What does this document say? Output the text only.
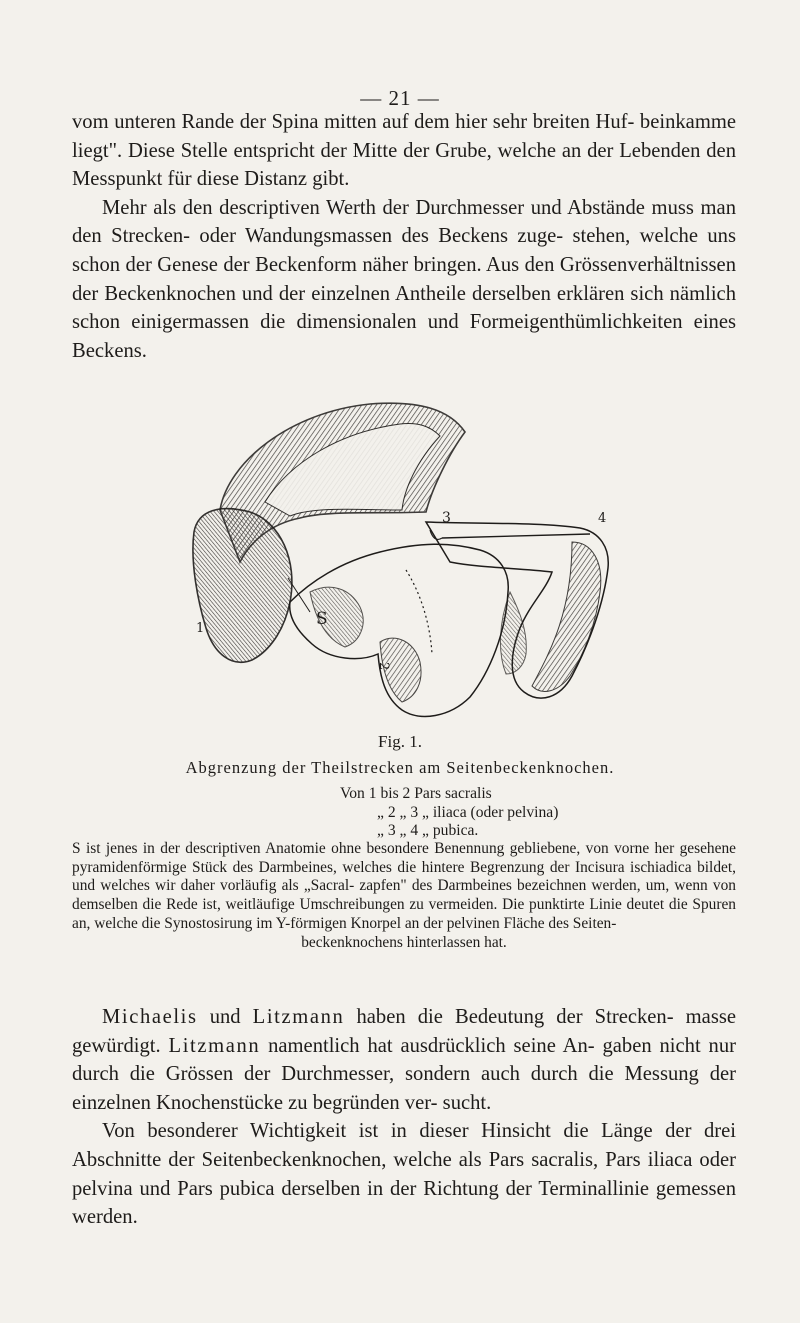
— 21 —

vom unteren Rande der Spina mitten auf dem hier sehr breiten Huf- beinkamme liegt". Diese Stelle entspricht der Mitte der Grube, welche an der Lebenden den Messpunkt für diese Distanz gibt.

Mehr als den descriptiven Werth der Durchmesser und Abstände muss man den Strecken- oder Wandungsmassen des Beckens zuge- stehen, welche uns schon der Genese der Beckenform näher bringen. Aus den Grössenverhältnissen der Beckenknochen und der einzelnen Antheile derselben erklären sich nämlich schon einigermassen die dimensionalen und Formeigenthümlichkeiten eines Beckens.

1
2
3	4
S
Fig. 1.
Abgrenzung der Theilstrecken am Seitenbeckenknochen.
Von 1 bis 2 Pars sacralis
„ 2 „ 3 „ iliaca (oder pelvina)
„ 3 „ 4 „ pubica.
S ist jenes in der descriptiven Anatomie ohne besondere Benennung gebliebene, von vorne her gesehene pyramidenförmige Stück des Darmbeines, welches die hintere Begrenzung der Incisura ischiadica bildet, und welches wir daher vorläufig als „Sacral- zapfen" des Darmbeines bezeichnen werden, um, wenn von demselben die Rede ist, weitläufige Umschreibungen zu vermeiden. Die punktirte Linie deutet die Spuren an, welche die Synostosirung im Y-förmigen Knorpel an der pelvinen Fläche des Seiten-
beckenknochens hinterlassen hat.

Michaelis und Litzmann haben die Bedeutung der Strecken- masse gewürdigt. Litzmann namentlich hat ausdrücklich seine An- gaben nicht nur durch die Grössen der Durchmesser, sondern auch durch die Messung der einzelnen Knochenstücke zu begründen ver- sucht.

Von besonderer Wichtigkeit ist in dieser Hinsicht die Länge der drei Abschnitte der Seitenbeckenknochen, welche als Pars sacralis, Pars iliaca oder pelvina und Pars pubica derselben in der Richtung der Terminallinie gemessen werden.
